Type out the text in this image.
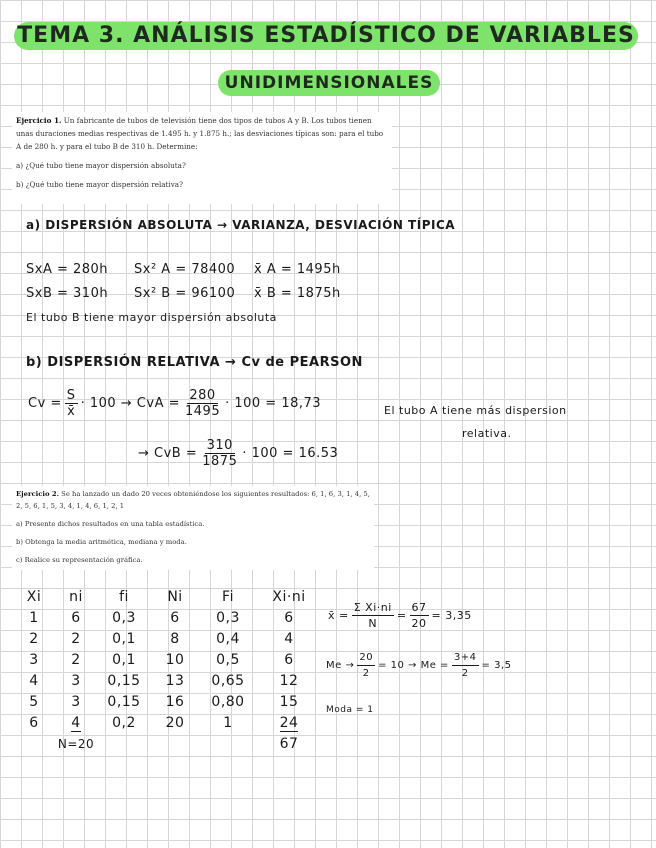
TEMA 3. ANÁLISIS ESTADÍSTICO DE VARIABLES
UNIDIMENSIONALES

Ejercicio 1. Un fabricante de tubos de televisión tiene dos tipos de tubos A y B. Los tubos tienen unas duraciones medias respectivas de 1.495 h. y 1.875 h.; las desviaciones típicas son: para el tubo A de 280 h. y para el tubo B de 310 h. Determine:

a) ¿Qué tubo tiene mayor dispersión absoluta?

b) ¿Qué tubo tiene mayor dispersión relativa?

a) DISPERSIÓN ABSOLUTA → VARIANZA, DESVIACIÓN TÍPICA
SxA = 280h Sx² A = 78400 x̄ A = 1495h
SxB = 310h Sx² B = 96100 x̄ B = 1875h
El tubo B tiene mayor dispersión absoluta
b) DISPERSIÓN RELATIVA → Cv de PEARSON
$Cv = \frac{S}{x̄} \cdot 100$ → CvA = $\frac{280}{1495} \cdot 100 = 18,73$	El tubo A tiene más dispersion
relativa.
→ CvB = $\frac{310}{1875} \cdot 100 = 16.53$

Ejercicio 2. Se ha lanzado un dado 20 veces obteniéndose los siguientes resultados: 6, 1, 6, 3, 1, 4, 5, 2, 5, 6, 1, 5, 3, 4, 1, 4, 6, 1, 2, 1

a) Presente dichos resultados en una tabla estadística.

b) Obtenga la media aritmética, mediana y moda.

c) Realice su representación gráfica.

Xi	ni	fi	Ni	Fi	Xi·ni
1	6	0,3	6	0,3	6
2	2	0,1	8	0,4	4
3	2	0,1	10	0,5	6
4	3	0,15	13	0,65	12
5	3	0,15	16	0,80	15
6	4	0,2	20	1	24
	N=20				67
x̄ = $\frac{\text{Σ Xi·ni}}{N} = \frac{67}{20} = 3,35$
$Me \to \frac{20}{2} = 10 \to Me = \frac{3+4}{2} = 3,5$
Moda = 1
